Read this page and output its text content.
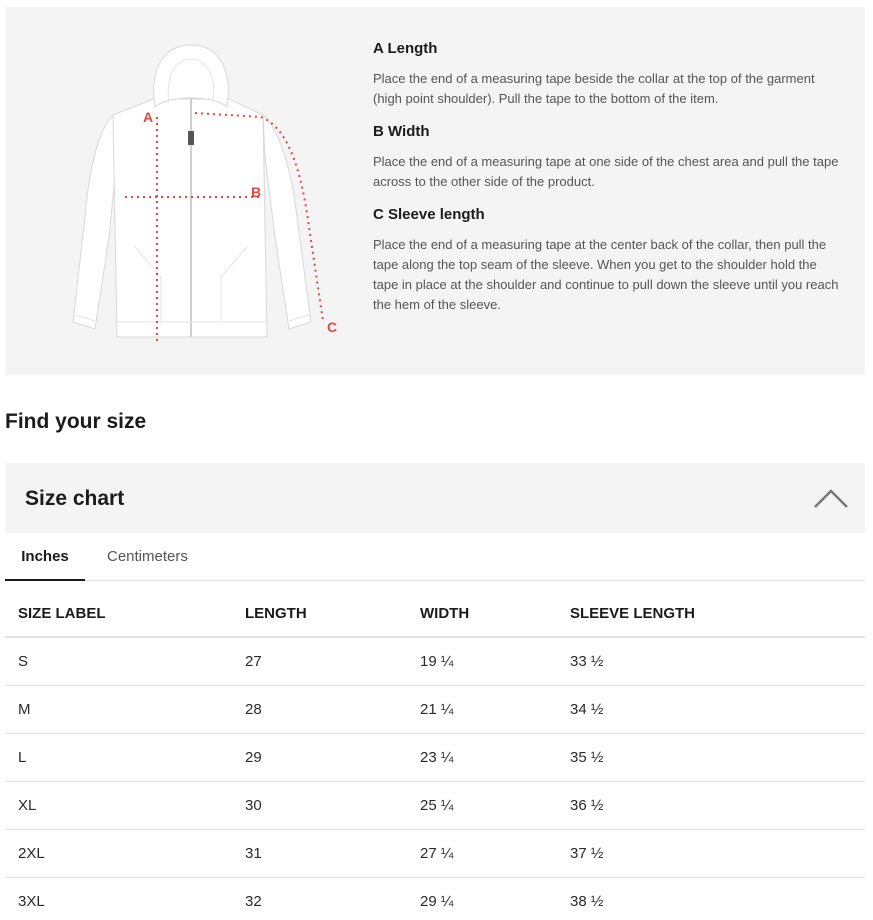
A
B
C
A Length
Place the end of a measuring tape beside the collar at the top of the garment (high point shoulder). Pull the tape to the bottom of the item.
B Width
Place the end of a measuring tape at one side of the chest area and pull the tape across to the other side of the product.
C Sleeve length
Place the end of a measuring tape at the center back of the collar, then pull the tape along the top seam of the sleeve. When you get to the shoulder hold the tape in place at the shoulder and continue to pull down the sleeve until you reach the hem of the sleeve.
Find your size
Size chart
Inches	Centimeters
SIZE LABEL	LENGTH	WIDTH	SLEEVE LENGTH
S	27	19 ¼	33 ½
M	28	21 ¼	34 ½
L	29	23 ¼	35 ½
XL	30	25 ¼	36 ½
2XL	31	27 ¼	37 ½
3XL	32	29 ¼	38 ½
